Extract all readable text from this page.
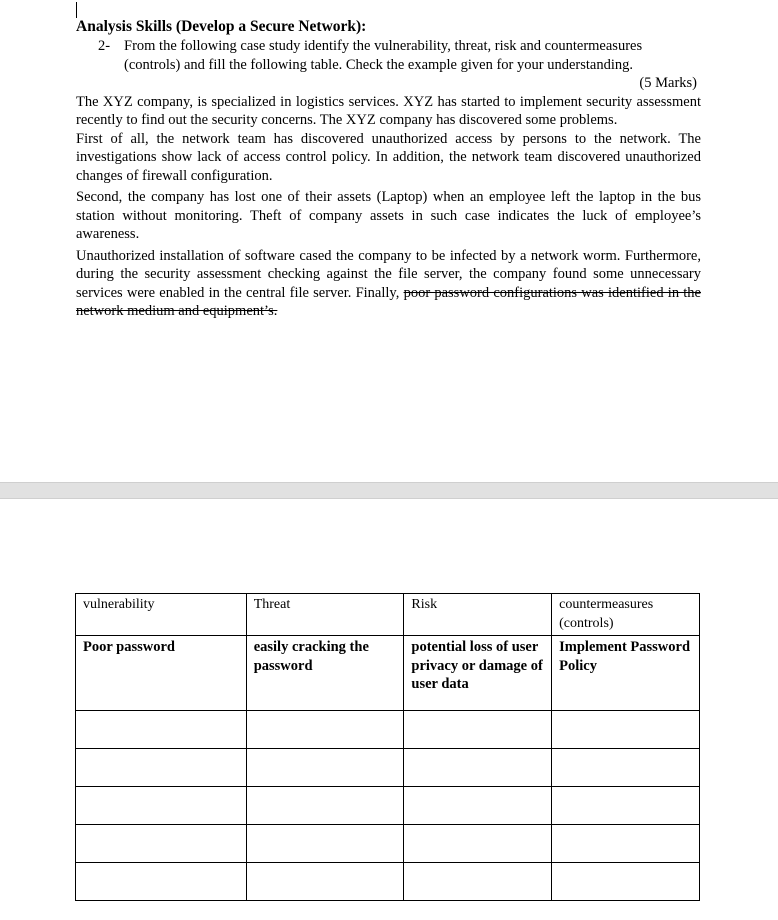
Analysis Skills (Develop a Secure Network):

2- From the following case study identify the vulnerability, threat, risk and countermeasures (controls) and fill the following table. Check the example given for your understanding.
(5 Marks)

The XYZ company, is specialized in logistics services. XYZ has started to implement security assessment recently to find out the security concerns. The XYZ company has discovered some problems.

First of all, the network team has discovered unauthorized access by persons to the network. The investigations show lack of access control policy. In addition, the network team discovered unauthorized changes of firewall configuration.

Second, the company has lost one of their assets (Laptop) when an employee left the laptop in the bus station without monitoring. Theft of company assets in such case indicates the luck of employee’s awareness.

Unauthorized installation of software cased the company to be infected by a network worm. Furthermore, during the security assessment checking against the file server, the company found some unnecessary services were enabled in the central file server. Finally, poor password configurations was identified in the network medium and equipment’s.

vulnerability	Threat	Risk	countermeasures (controls)
Poor password	easily cracking the password	potential loss of user privacy or damage of user data	Implement Password Policy
